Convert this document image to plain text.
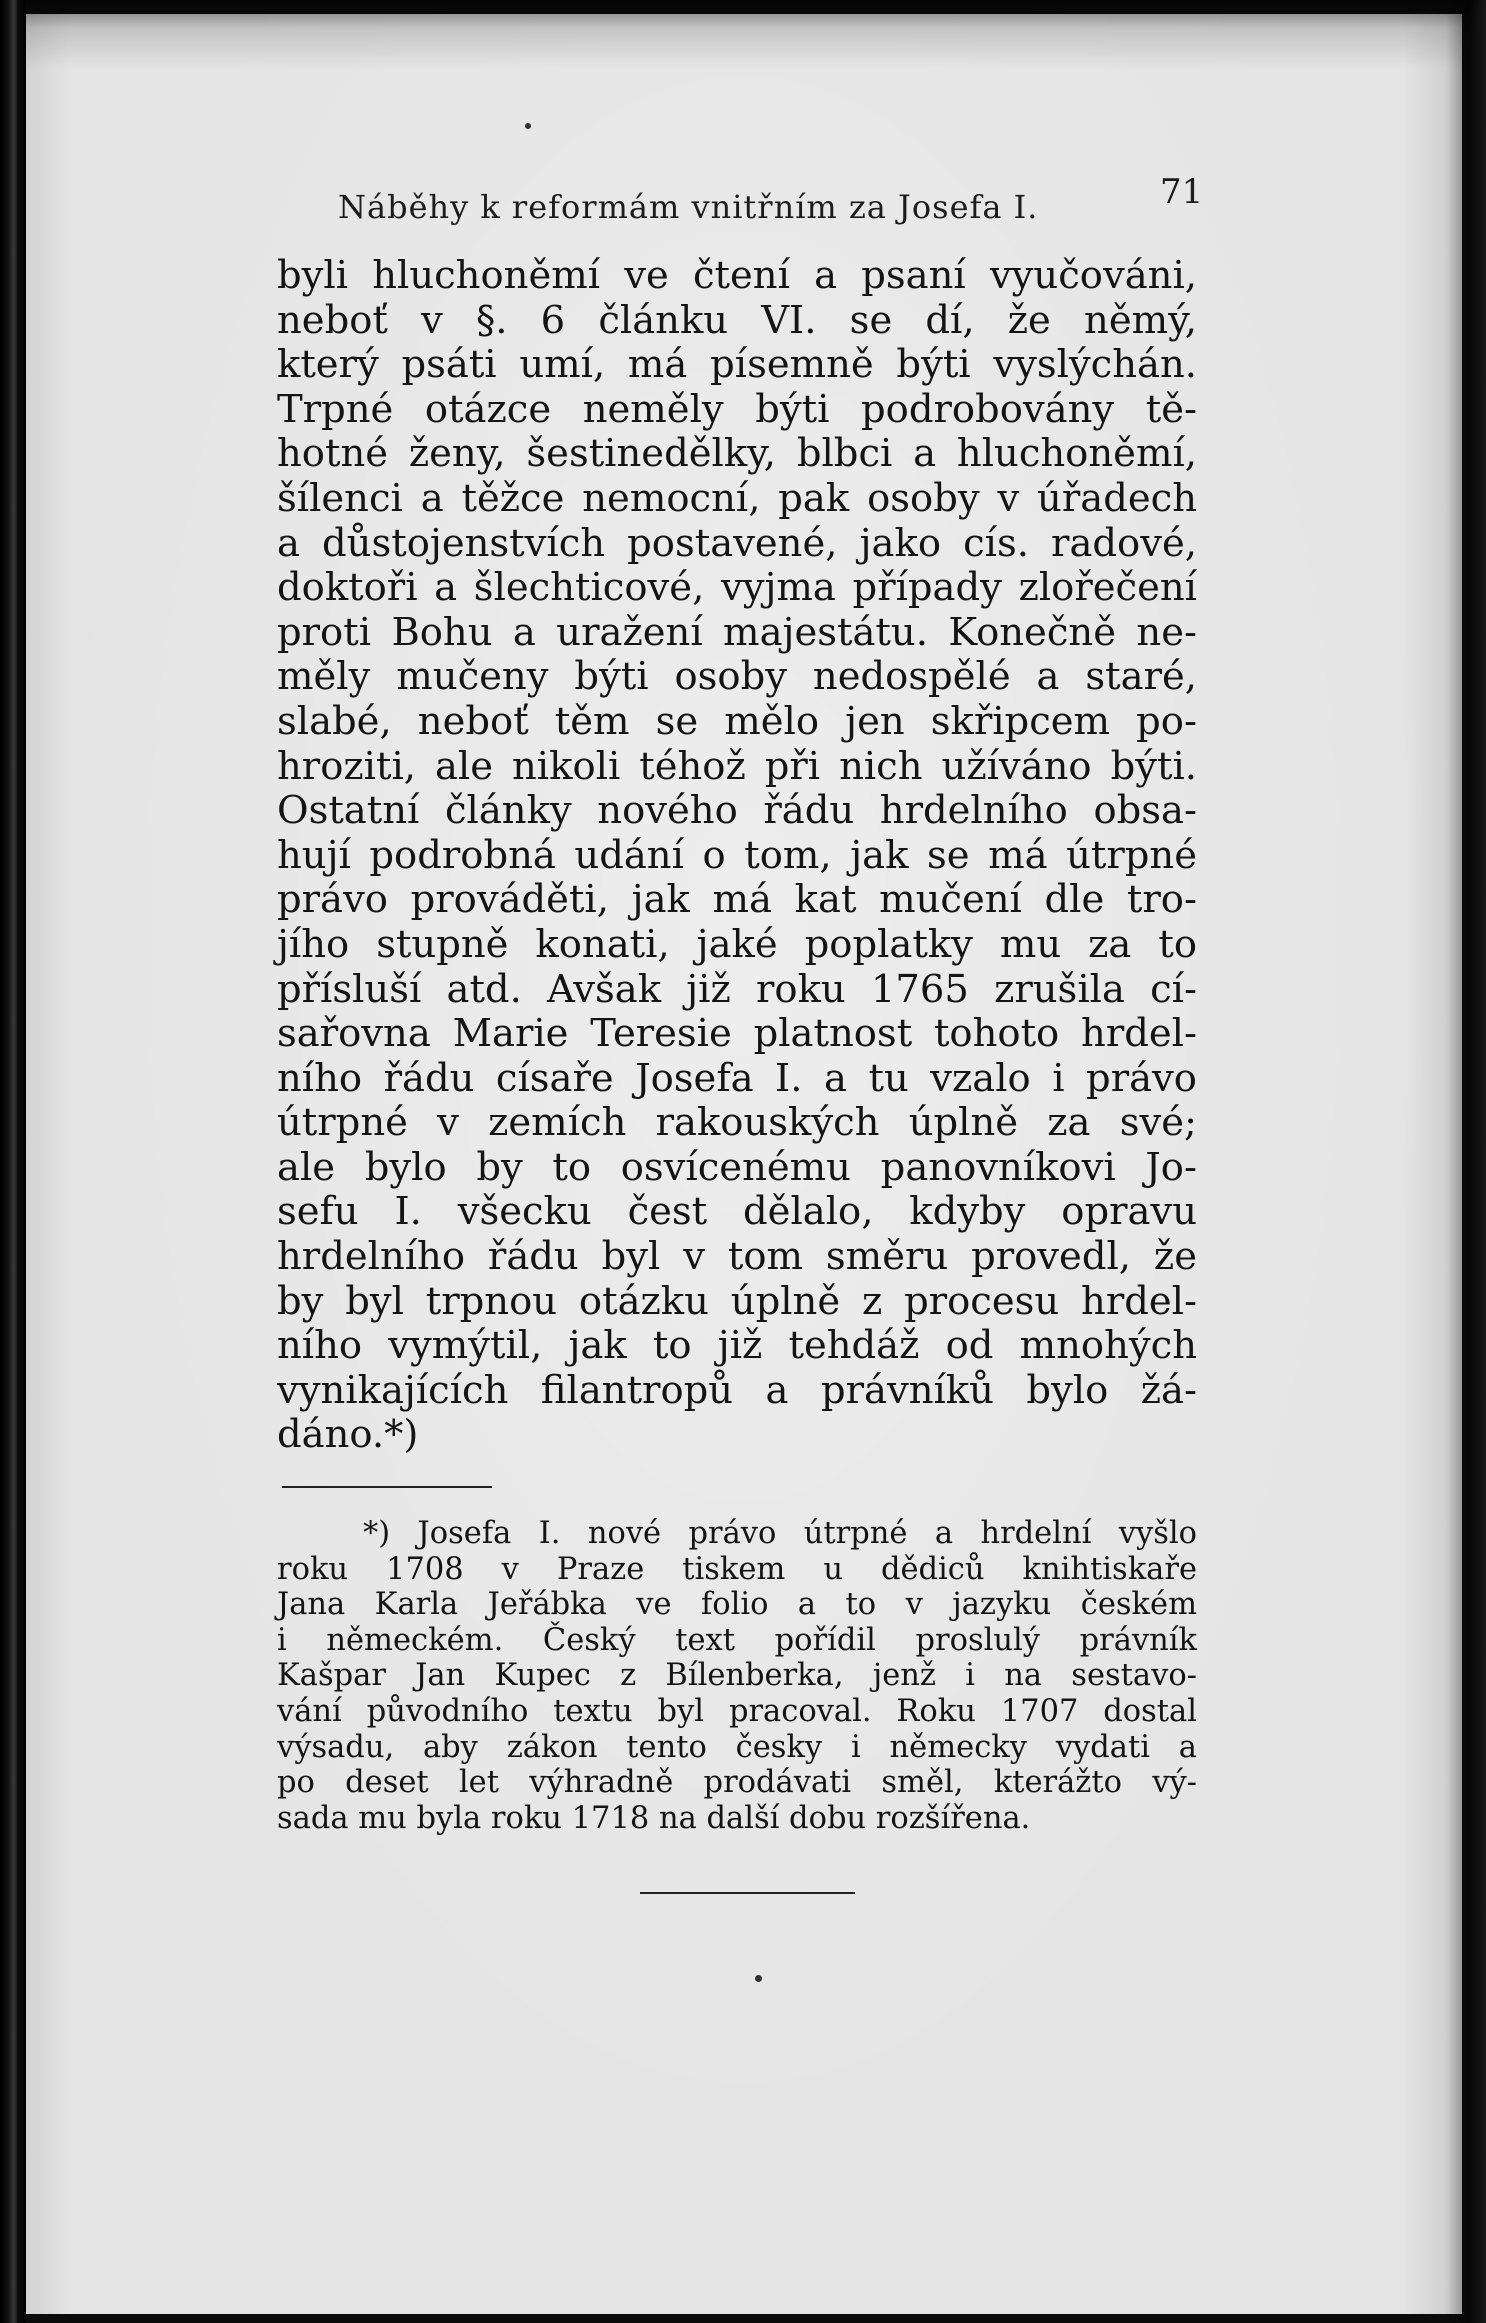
Náběhy k reformám vnitřním za Josefa I.	71
byli hluchoněmí ve čtení a psaní vyučováni,
neboť v §. 6 článku VI. se dí, že němý,
který psáti umí, má písemně býti vyslýchán.
Trpné otázce neměly býti podrobovány tě-
hotné ženy, šestinedělky, blbci a hluchoněmí,
šílenci a těžce nemocní, pak osoby v úřadech
a důstojenstvích postavené, jako cís. radové,
doktoři a šlechticové, vyjma případy zlořečení
proti Bohu a uražení majestátu. Konečně ne-
měly mučeny býti osoby nedospělé a staré,
slabé, neboť těm se mělo jen skřipcem po-
hroziti, ale nikoli téhož při nich užíváno býti.
Ostatní články nového řádu hrdelního obsa-
hují podrobná udání o tom, jak se má útrpné
právo prováděti, jak má kat mučení dle tro-
jího stupně konati, jaké poplatky mu za to
přísluší atd. Avšak již roku 1765 zrušila cí-
sařovna Marie Teresie platnost tohoto hrdel-
ního řádu císaře Josefa I. a tu vzalo i právo
útrpné v zemích rakouských úplně za své;
ale bylo by to osvícenému panovníkovi Jo-
sefu I. všecku čest dělalo, kdyby opravu
hrdelního řádu byl v tom směru provedl, že
by byl trpnou otázku úplně z procesu hrdel-
ního vymýtil, jak to již tehdáž od mnohých
vynikajících filantropů a právníků bylo žá-
dáno.*)
*) Josefa I. nové právo útrpné a hrdelní vyšlo
roku 1708 v Praze tiskem u dědiců knihtiskaře
Jana Karla Jeřábka ve folio a to v jazyku českém
i německém. Český text pořídil proslulý právník
Kašpar Jan Kupec z Bílenberka, jenž i na sestavo-
vání původního textu byl pracoval. Roku 1707 dostal
výsadu, aby zákon tento česky i německy vydati a
po deset let výhradně prodávati směl, kterážto vý-
sada mu byla roku 1718 na další dobu rozšířena.
